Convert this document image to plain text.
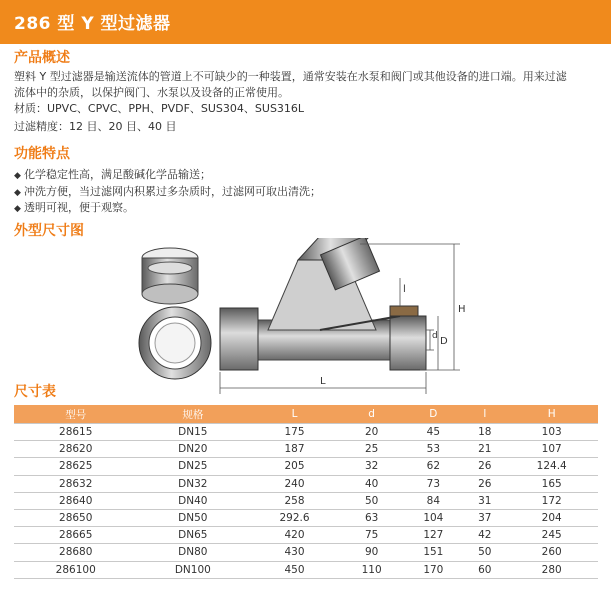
286 型 Y 型过滤器
产品概述
塑料 Y 型过滤器是输送流体的管道上不可缺少的一种装置，通常安装在水泵和阀门或其他设备的进口端。用来过滤
流体中的杂质，以保护阀门、水泵以及设备的正常使用。
材质：UPVC、CPVC、PPH、PVDF、SUS304、SUS316L
过滤精度：12 目、20 目、40 目
功能特点
◆ 化学稳定性高，满足酸碱化学品输送；
◆ 冲洗方便，当过滤网内积累过多杂质时，过滤网可取出清洗；
◆ 透明可视，便于观察。
外型尺寸图
H
l
d D
L
尺寸表
型号	规格	L	d	D	l	H
28615	DN15	175	20	45	18	103
28620	DN20	187	25	53	21	107
28625	DN25	205	32	62	26	124.4
28632	DN32	240	40	73	26	165
28640	DN40	258	50	84	31	172
28650	DN50	292.6	63	104	37	204
28665	DN65	420	75	127	42	245
28680	DN80	430	90	151	50	260
286100	DN100	450	110	170	60	280
